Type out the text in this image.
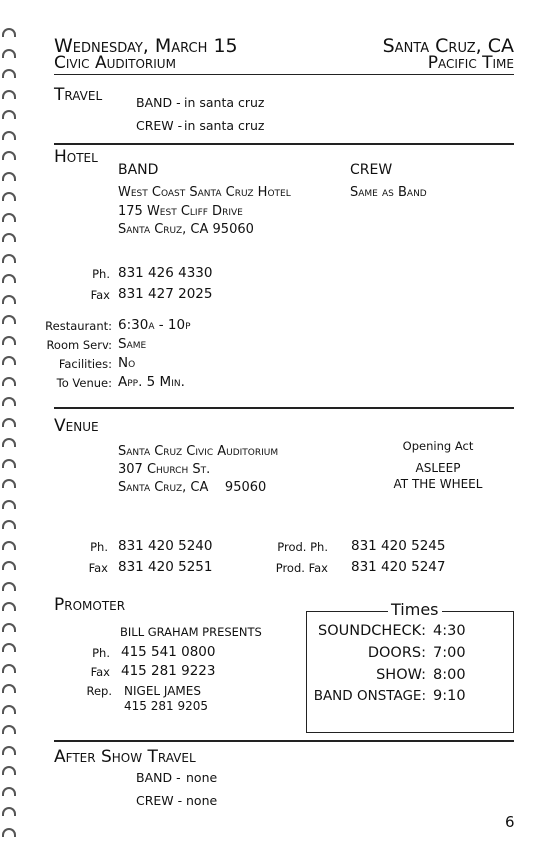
Wednesday, March 15
Civic Auditorium
Santa Cruz, CA
Pacific Time
Travel	BAND - in santa cruz
CREW - in santa cruz
Hotel
BAND	CREW
West Coast Santa Cruz Hotel	Same as Band
175 West Cliff Drive
Santa Cruz, CA 95060
Ph. 831 426 4330
Fax 831 427 2025
Restaurant: 6:30a - 10p
Room Serv: Same
Facilities: No
To Venue: App. 5 Min.
Venue
Santa Cruz Civic Auditorium
307 Church St.
Santa Cruz, CA    95060
Opening Act
ASLEEP
AT THE WHEEL
Ph. 831 420 5240
Fax 831 420 5251
Prod. Ph. 831 420 5245
Prod. Fax 831 420 5247
Promoter
BILL GRAHAM PRESENTS
Ph. 415 541 0800
Fax 415 281 9223
Rep. NIGEL JAMES
415 281 9205
Times
SOUNDCHECK: 4:30
DOORS: 7:00
SHOW: 8:00
BAND ONSTAGE: 9:10
After Show Travel
BAND - none
CREW - none
6
